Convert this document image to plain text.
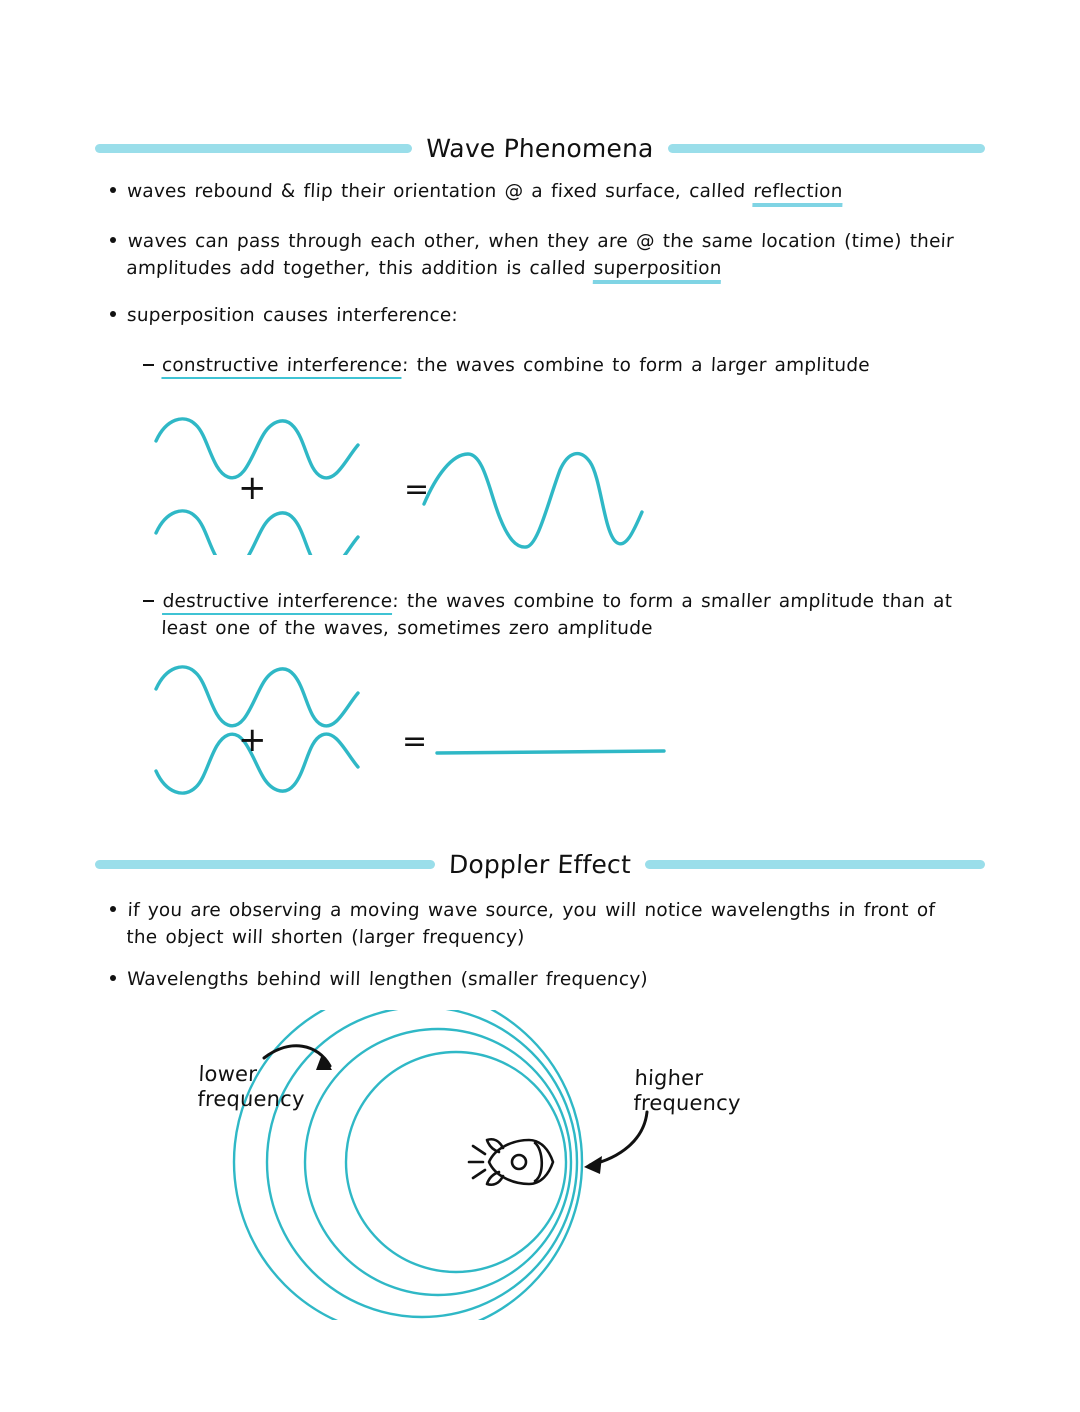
Wave Phenomena
waves rebound & flip their orientation @ a fixed surface, called reflection
waves can pass through each other, when they are @ the same location (time) their amplitudes add together, this addition is called superposition
superposition causes interference:
constructive interference: the waves combine to form a larger amplitude
+	=
destructive interference: the waves combine to form a smaller amplitude than at least one of the waves, sometimes zero amplitude
+	=
Doppler Effect
if you are observing a moving wave source, you will notice wavelengths in front of the object will shorten (larger frequency)
Wavelengths behind will lengthen (smaller frequency)
lower
frequency
higher
frequency
